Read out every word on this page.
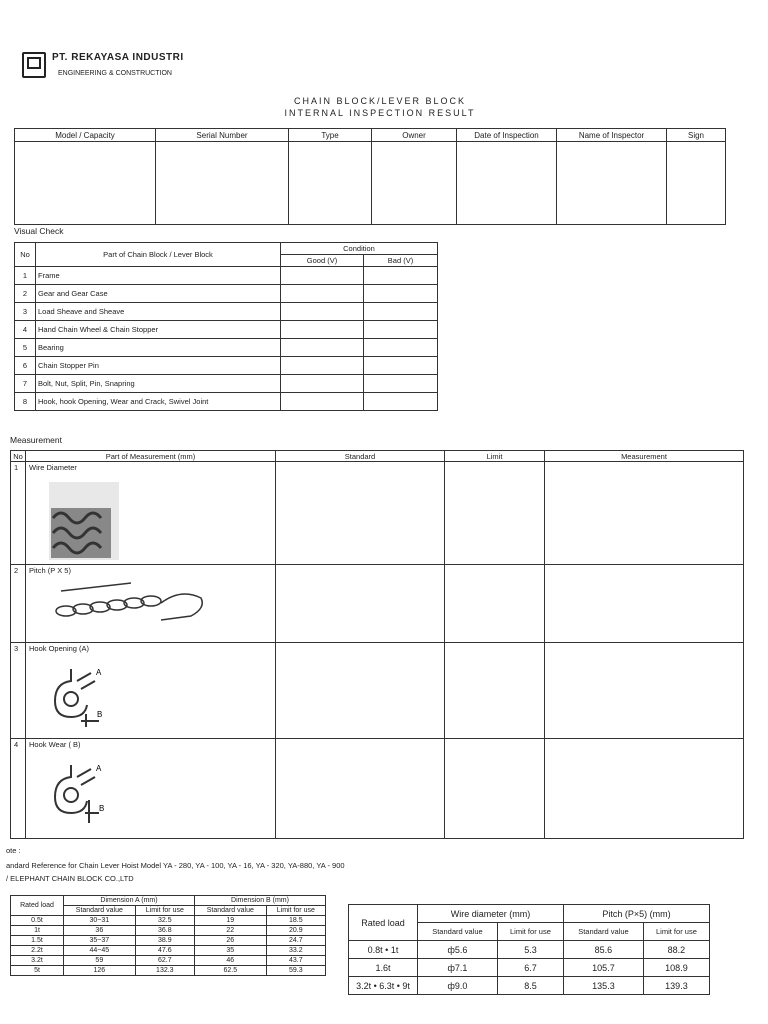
PT. REKAYASA INDUSTRI
ENGINEERING & CONSTRUCTION
CHAIN BLOCK/LEVER BLOCK
INTERNAL INSPECTION RESULT
Model / Capacity	Serial Number	Type	Owner	Date of Inspection	Name of Inspector	Sign

Visual Check
No	Part of Chain Block / Lever Block	Condition	
		Good (V)	Bad (V)
1	Frame		
2	Gear and Gear Case		
3	Load Sheave and Sheave		
4	Hand Chain Wheel & Chain Stopper		
5	Bearing		
6	Chain Stopper Pin		
7	Bolt, Nut, Split, Pin, Snapring		
8	Hook, hook Opening, Wear and Crack, Swivel Joint		
Measurement
No	Part of Measurement (mm)	Standard	Limit	Measurement
1	Wire Diameter

2	Pitch (P X 5)

3	Hook Opening (A)
A
B			

4	Hook Wear ( B)
A
B			

ote :
andard Reference for Chain Lever Hoist Model YA - 280, YA - 100, YA - 16, YA - 320, YA-880, YA - 900
/ ELEPHANT CHAIN BLOCK CO.,LTD
Rated load	Dimension A (mm)		Dimension B (mm)	
	Standard value	Limit for use	Standard value	Limit for use
0.5t	30~31	32.5	19	18.5
1t	36	36.8	22	20.9
1.5t	35~37	38.9	26	24.7
2.2t	44~45	47.6	35	33.2
3.2t	59	62.7	46	43.7
5t	126	132.3	62.5	59.3
Rated load	Wire diameter (mm)		Pitch (P×5) (mm)	
	Standard value	Limit for use	Standard value	Limit for use
0.8t • 1t	ф5.6	5.3	85.6	88.2
1.6t	ф7.1	6.7	105.7	108.9
3.2t • 6.3t • 9t	ф9.0	8.5	135.3	139.3
